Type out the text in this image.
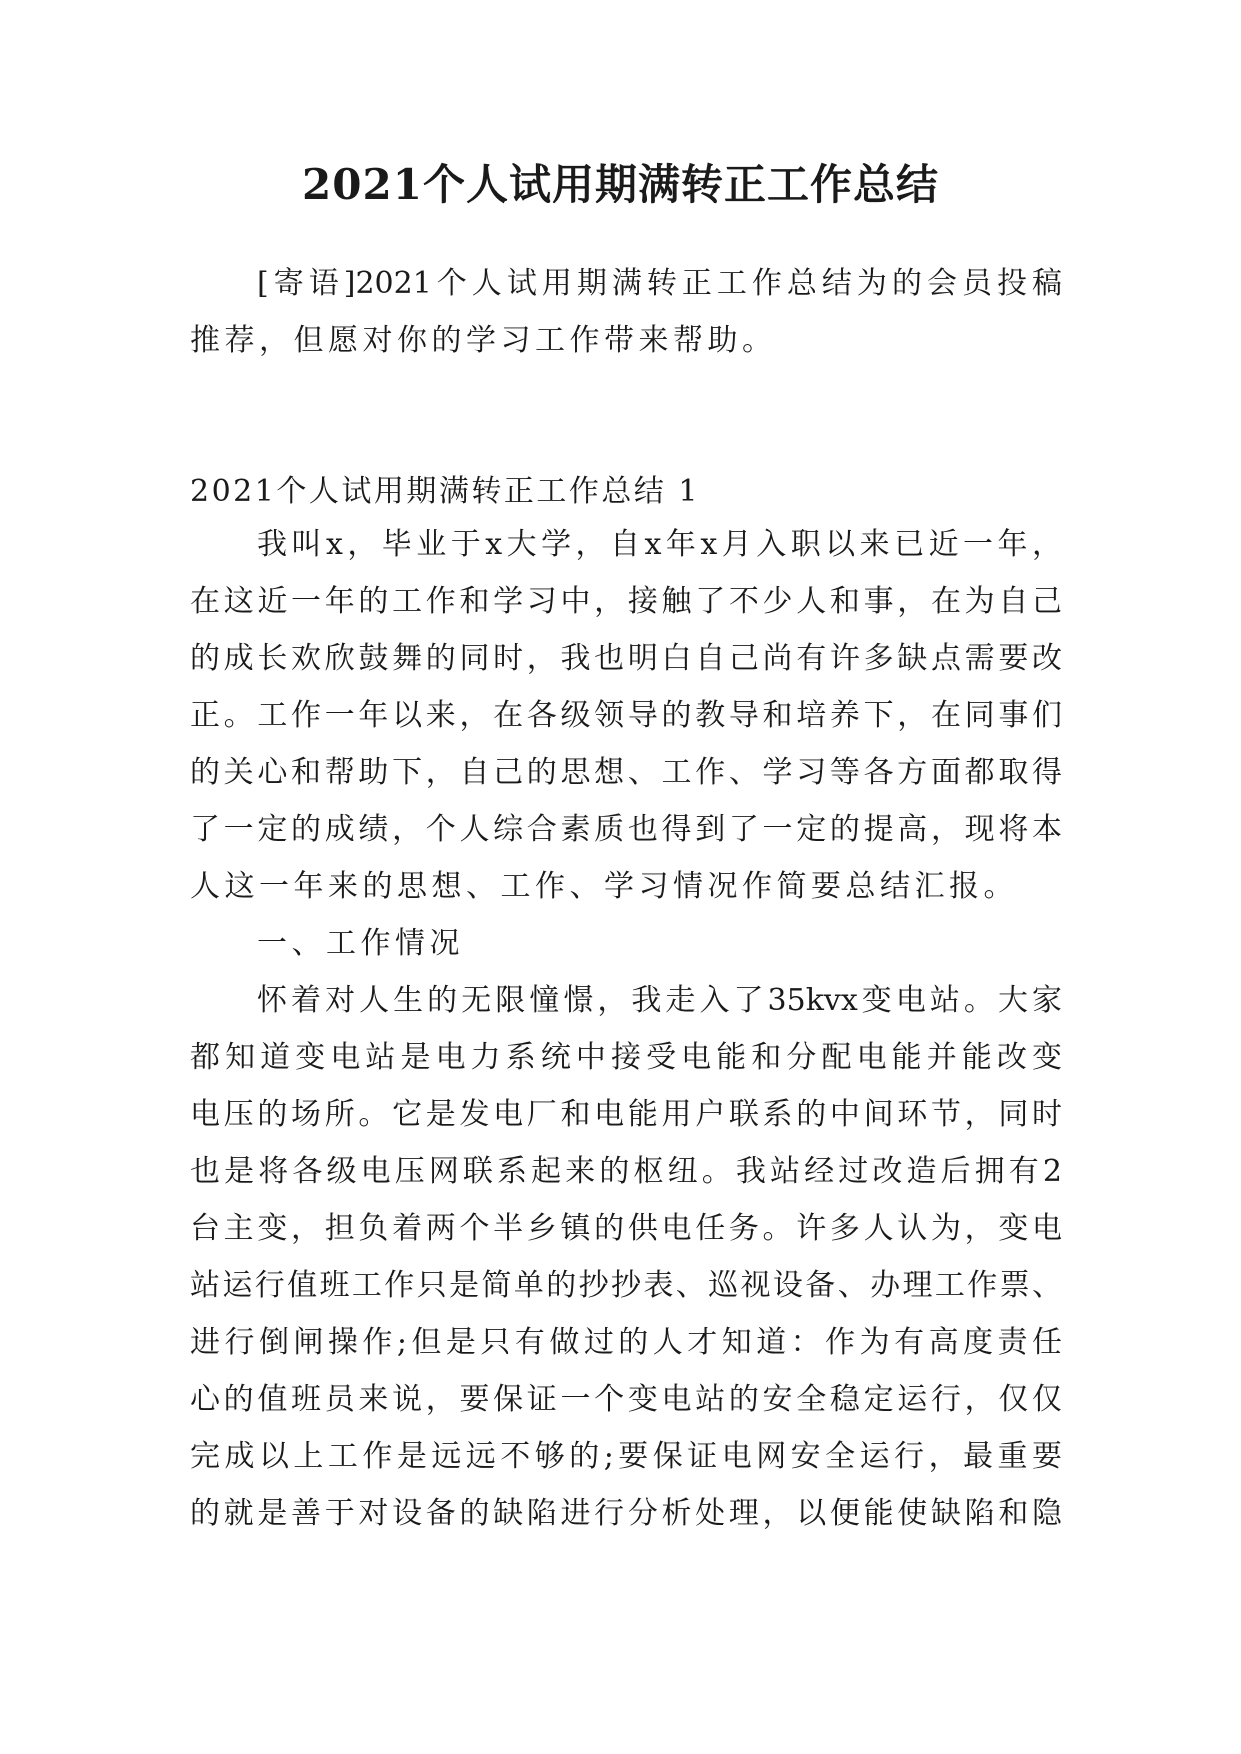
2021个人试用期满转正工作总结
[寄语]2021个人试用期满转正工作总结为的会员投稿
推荐，但愿对你的学习工作带来帮助。
2021个人试用期满转正工作总结 1
我叫x，毕业于x大学，自x年x月入职以来已近一年，
在这近一年的工作和学习中，接触了不少人和事，在为自己
的成长欢欣鼓舞的同时，我也明白自己尚有许多缺点需要改
正。工作一年以来，在各级领导的教导和培养下，在同事们
的关心和帮助下，自己的思想、工作、学习等各方面都取得
了一定的成绩，个人综合素质也得到了一定的提高，现将本
人这一年来的思想、工作、学习情况作简要总结汇报。
一、工作情况
怀着对人生的无限憧憬，我走入了35kvx变电站。大家
都知道变电站是电力系统中接受电能和分配电能并能改变
电压的场所。它是发电厂和电能用户联系的中间环节，同时
也是将各级电压网联系起来的枢纽。我站经过改造后拥有2
台主变，担负着两个半乡镇的供电任务。许多人认为，变电
站运行值班工作只是简单的抄抄表、巡视设备、办理工作票、
进行倒闸操作;但是只有做过的人才知道：作为有高度责任
心的值班员来说，要保证一个变电站的安全稳定运行，仅仅
完成以上工作是远远不够的;要保证电网安全运行，最重要
的就是善于对设备的缺陷进行分析处理，以便能使缺陷和隐
